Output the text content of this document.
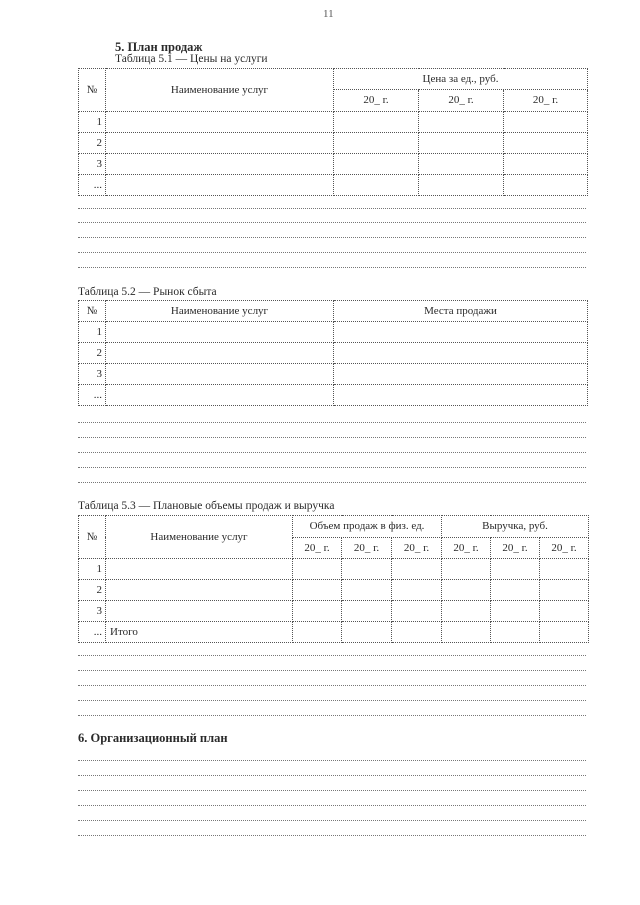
11
5. План продаж
Таблица 5.1 — Цены на услуги
№	Наименование услуг	Цена за ед., руб.		
		20_ г.	20_ г.	20_ г.
1				
2				
3				
...				
Таблица 5.2 — Рынок сбыта
№	Наименование услуг	Места продажи
1		
2		
3		
...		
Таблица 5.3 — Плановые объемы продаж и выручка
№	Наименование услуг	Объем продаж в физ. ед.			Выручка, руб.		
		20_ г.	20_ г.	20_ г.	20_ г.	20_ г.	20_ г.
1							
2							
3							
...	Итого						
6. Организационный план
